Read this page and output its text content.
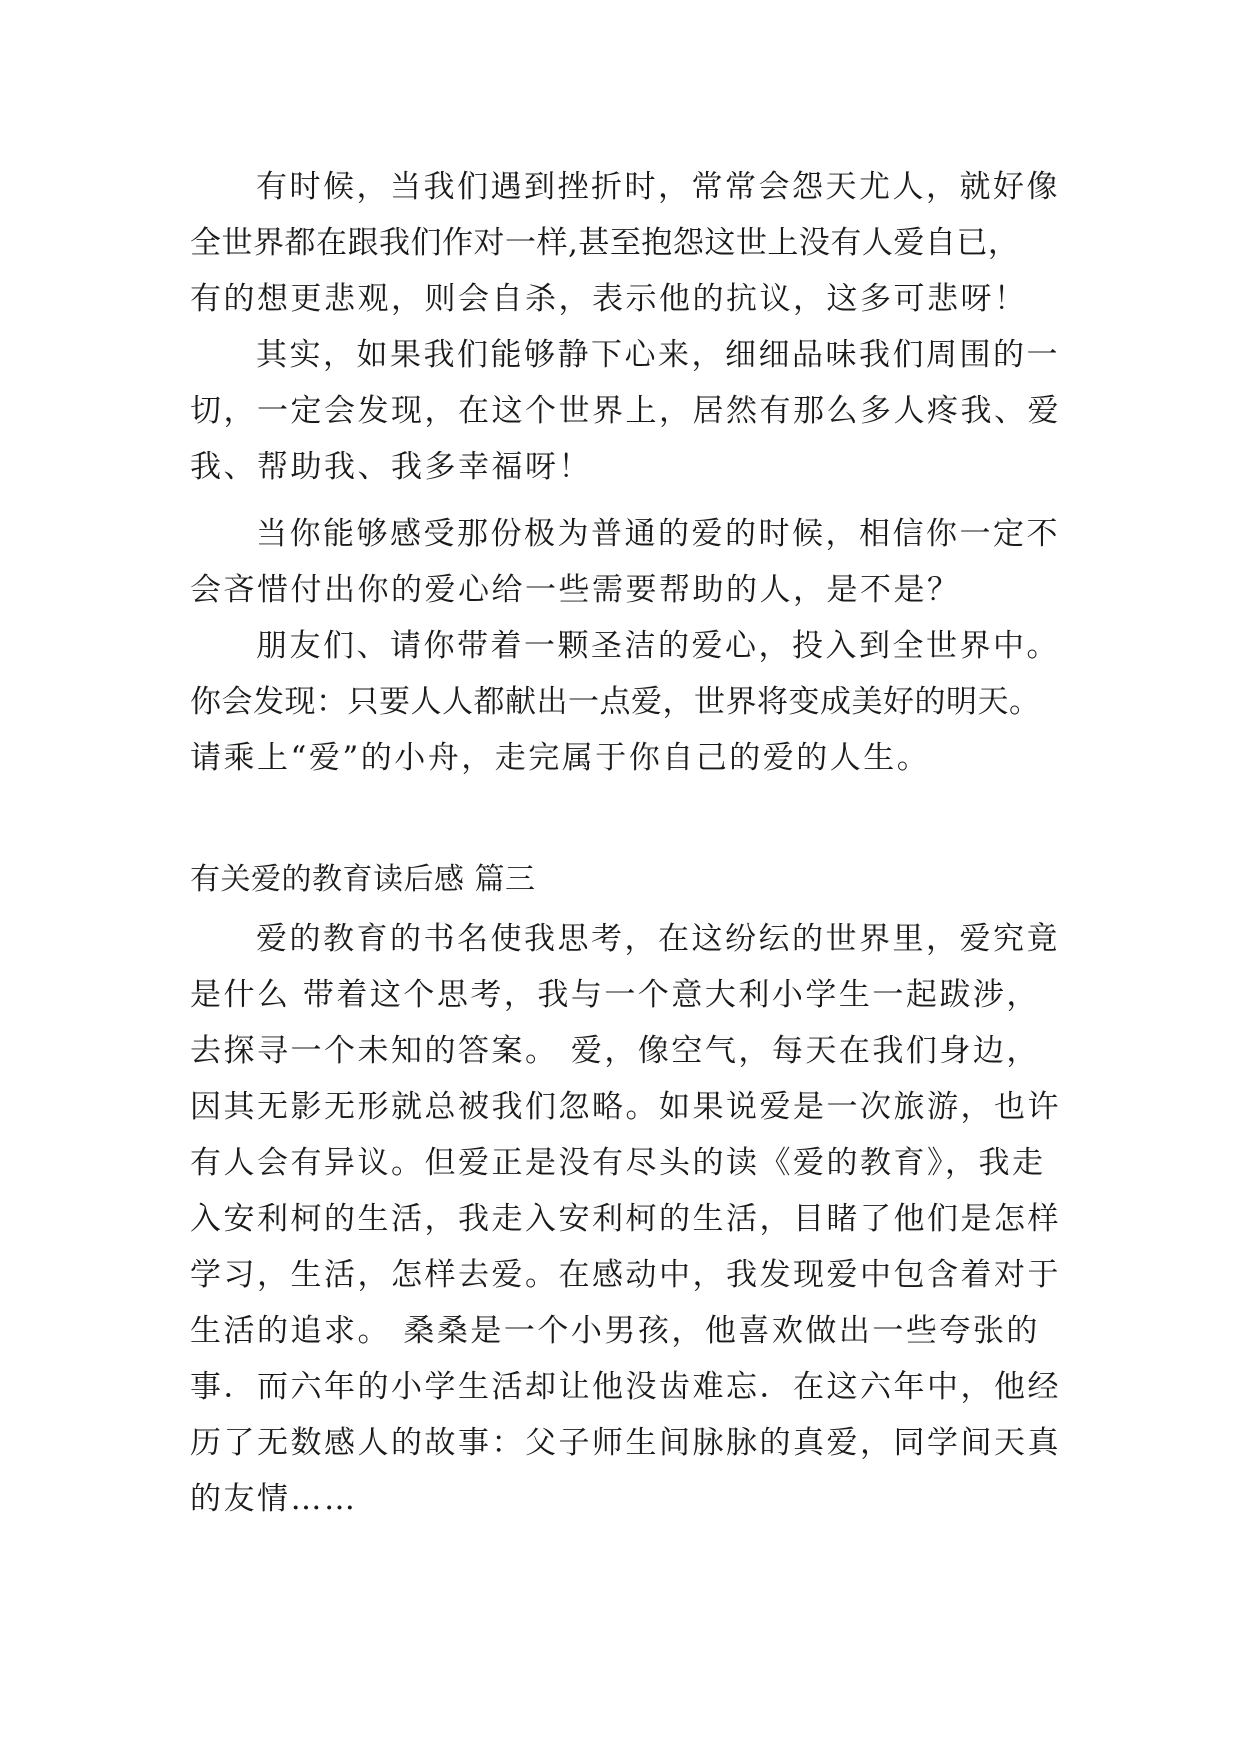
有时候，当我们遇到挫折时，常常会怨天尤人，就好像
全世界都在跟我们作对一样,甚至抱怨这世上没有人爱自已，
有的想更悲观，则会自杀，表示他的抗议，这多可悲呀！
其实，如果我们能够静下心来，细细品味我们周围的一
切，一定会发现，在这个世界上，居然有那么多人疼我、爱
我、帮助我、我多幸福呀！
当你能够感受那份极为普通的爱的时候，相信你一定不
会吝惜付出你的爱心给一些需要帮助的人，是不是？
朋友们、请你带着一颗圣洁的爱心，投入到全世界中。
你会发现：只要人人都献出一点爱，世界将变成美好的明天。
请乘上“爱”的小舟，走完属于你自己的爱的人生。
有关爱的教育读后感 篇三
爱的教育的书名使我思考，在这纷纭的世界里，爱究竟
是什么 带着这个思考，我与一个意大利小学生一起跋涉，
去探寻一个未知的答案。 爱，像空气，每天在我们身边，
因其无影无形就总被我们忽略。如果说爱是一次旅游，也许
有人会有异议。但爱正是没有尽头的读《爱的教育》，我走
入安利柯的生活，我走入安利柯的生活，目睹了他们是怎样
学习，生活，怎样去爱。在感动中，我发现爱中包含着对于
生活的追求。 桑桑是一个小男孩，他喜欢做出一些夸张的
事．而六年的小学生活却让他没齿难忘．在这六年中，他经
历了无数感人的故事：父子师生间脉脉的真爱，同学间天真
的友情……
